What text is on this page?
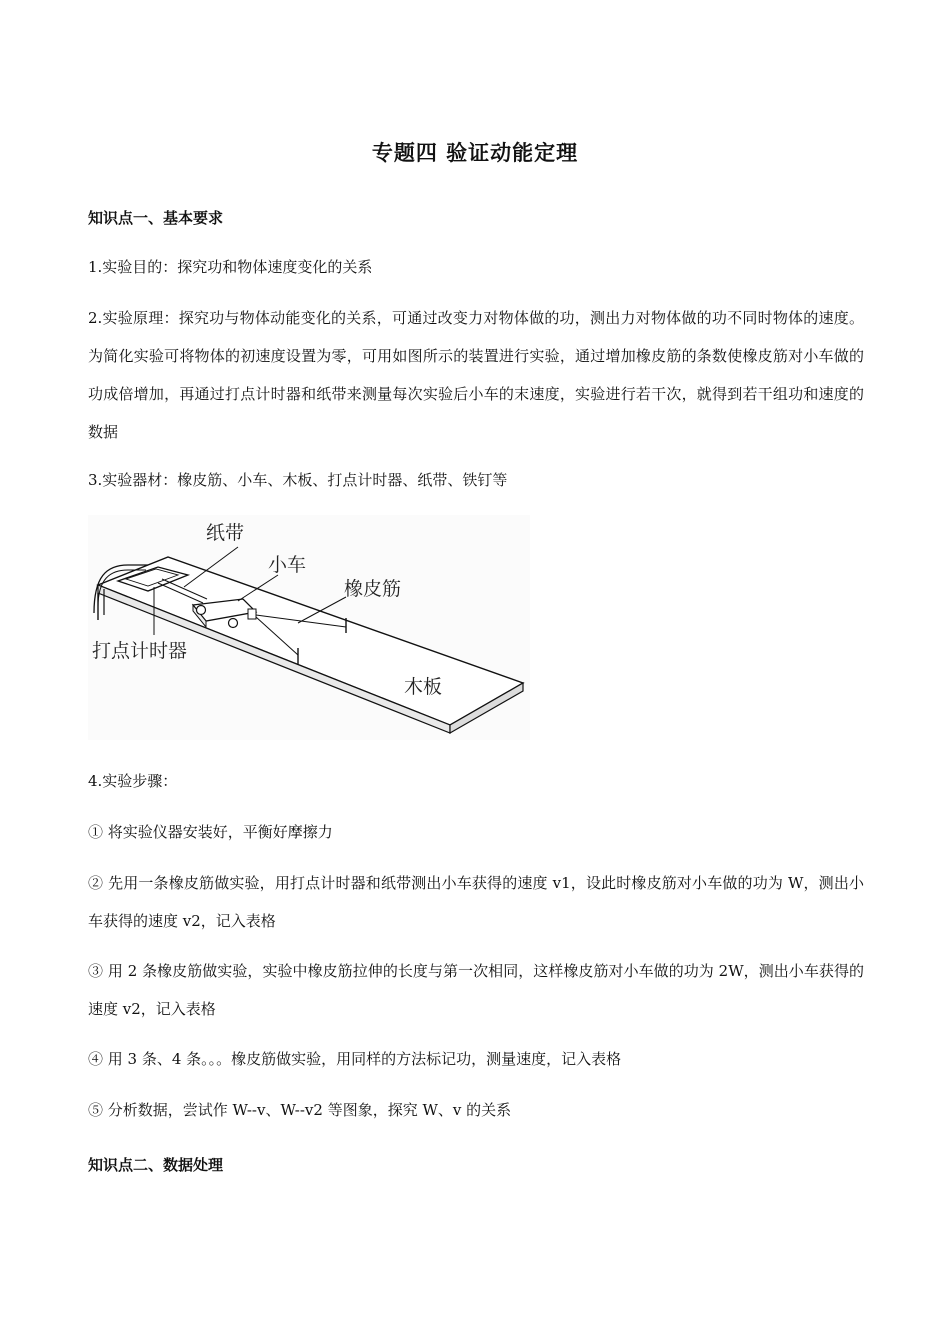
专题四 验证动能定理
知识点一、基本要求

1.实验目的：探究功和物体速度变化的关系

2.实验原理：探究功与物体动能变化的关系，可通过改变力对物体做的功，测出力对物体做的功不同时物体的速度。为简化实验可将物体的初速度设置为零，可用如图所示的装置进行实验，通过增加橡皮筋的条数使橡皮筋对小车做的功成倍增加，再通过打点计时器和纸带来测量每次实验后小车的末速度，实验进行若干次，就得到若干组功和速度的数据

3.实验器材：橡皮筋、小车、木板、打点计时器、纸带、铁钉等

纸带
小车
橡皮筋
打点计时器
木板

4.实验步骤：

① 将实验仪器安装好，平衡好摩擦力

② 先用一条橡皮筋做实验，用打点计时器和纸带测出小车获得的速度 v1，设此时橡皮筋对小车做的功为 W，测出小车获得的速度 v2，记入表格

③ 用 2 条橡皮筋做实验，实验中橡皮筋拉伸的长度与第一次相同，这样橡皮筋对小车做的功为 2W，测出小车获得的速度 v2，记入表格

④ 用 3 条、4 条。。。橡皮筋做实验，用同样的方法标记功，测量速度，记入表格

⑤ 分析数据，尝试作 W--v、W--v2 等图象，探究 W、v 的关系

知识点二、数据处理
